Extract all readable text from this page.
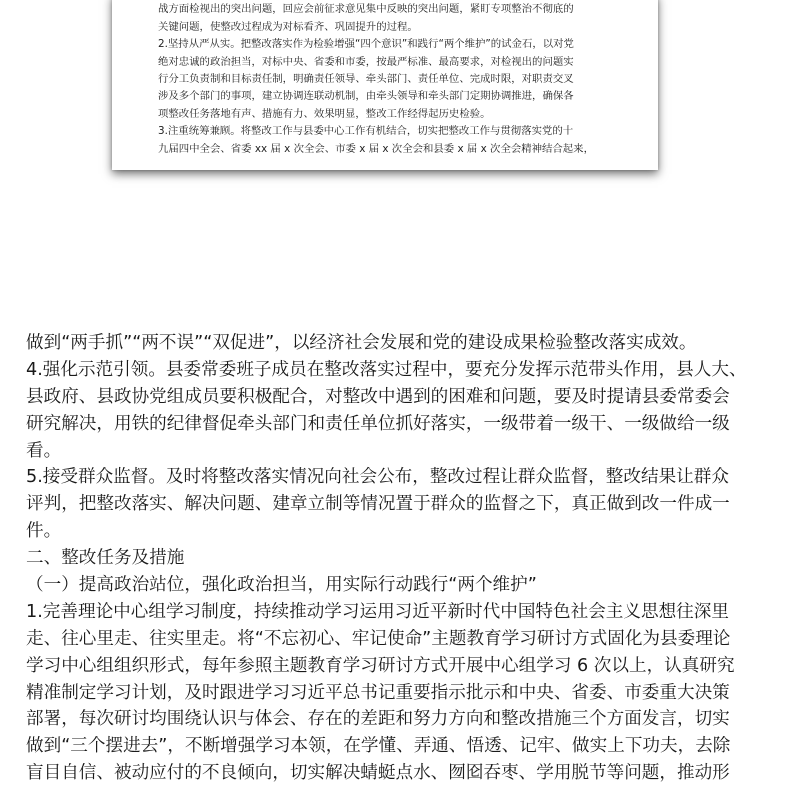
战方面检视出的突出问题，回应会前征求意见集中反映的突出问题，紧盯专项整治不彻底的
关键问题，使整改过程成为对标看齐、巩固提升的过程。
2.坚持从严从实。把整改落实作为检验增强“四个意识”和践行“两个维护”的试金石，以对党
绝对忠诚的政治担当，对标中央、省委和市委，按最严标准、最高要求，对检视出的问题实
行分工负责制和目标责任制，明确责任领导、牵头部门、责任单位、完成时限，对职责交叉
涉及多个部门的事项，建立协调连联动机制，由牵头领导和牵头部门定期协调推进，确保各
项整改任务落地有声、措施有力、效果明显，整改工作经得起历史检验。
3.注重统筹兼顾。将整改工作与县委中心工作有机结合，切实把整改工作与贯彻落实党的十
九届四中全会、省委 xx 届 x 次全会、市委 x 届 x 次全会和县委 x 届 x 次全会精神结合起来，
做到“两手抓”“两不误”“双促进”，以经济社会发展和党的建设成果检验整改落实成效。
4.强化示范引领。县委常委班子成员在整改落实过程中，要充分发挥示范带头作用，县人大、
县政府、县政协党组成员要积极配合，对整改中遇到的困难和问题，要及时提请县委常委会
研究解决，用铁的纪律督促牵头部门和责任单位抓好落实，一级带着一级干、一级做给一级
看。
5.接受群众监督。及时将整改落实情况向社会公布，整改过程让群众监督，整改结果让群众
评判，把整改落实、解决问题、建章立制等情况置于群众的监督之下，真正做到改一件成一
件。
二、整改任务及措施
（一）提高政治站位，强化政治担当，用实际行动践行“两个维护”
1.完善理论中心组学习制度，持续推动学习运用习近平新时代中国特色社会主义思想往深里
走、往心里走、往实里走。将“不忘初心、牢记使命”主题教育学习研讨方式固化为县委理论
学习中心组组织形式，每年参照主题教育学习研讨方式开展中心组学习 6 次以上，认真研究
精准制定学习计划，及时跟进学习习近平总书记重要指示批示和中央、省委、市委重大决策
部署，每次研讨均围绕认识与体会、存在的差距和努力方向和整改措施三个方面发言，切实
做到“三个摆进去”，不断增强学习本领，在学懂、弄通、悟透、记牢、做实上下功夫，去除
盲目自信、被动应付的不良倾向，切实解决蜻蜓点水、囫囵吞枣、学用脱节等问题，推动形
